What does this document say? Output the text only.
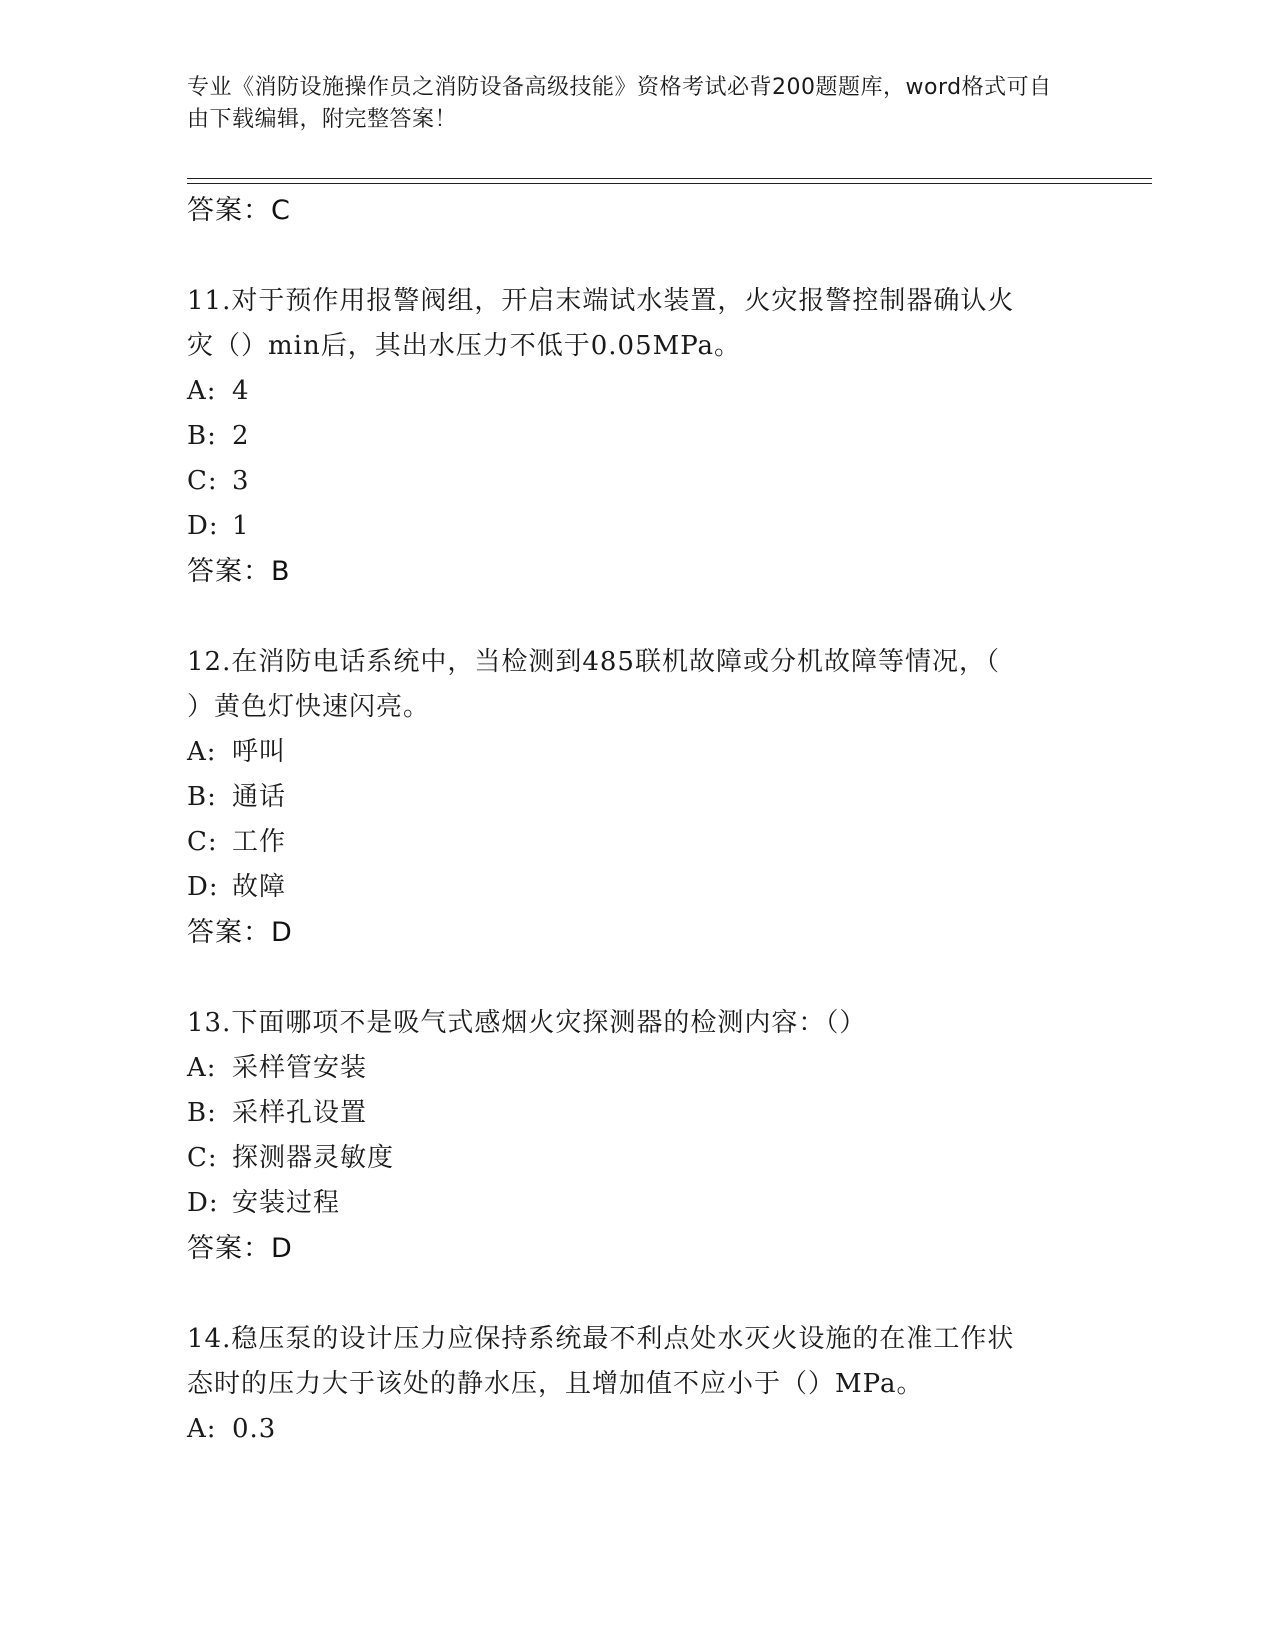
专业《消防设施操作员之消防设备高级技能》资格考试必背200题题库，word格式可自由下载编辑，附完整答案！
答案：C
11.对于预作用报警阀组，开启末端试水装置，火灾报警控制器确认火
灾（）min后，其出水压力不低于0.05MPa。
A: 4
B: 2
C: 3
D: 1
答案：B
12.在消防电话系统中，当检测到485联机故障或分机故障等情况，（
）黄色灯快速闪亮。
A: 呼叫
B: 通话
C: 工作
D: 故障
答案：D
13.下面哪项不是吸气式感烟火灾探测器的检测内容：（）
A: 采样管安装
B: 采样孔设置
C: 探测器灵敏度
D: 安装过程
答案：D
14.稳压泵的设计压力应保持系统最不利点处水灭火设施的在准工作状
态时的压力大于该处的静水压，且增加值不应小于（）MPa。
A: 0.3
